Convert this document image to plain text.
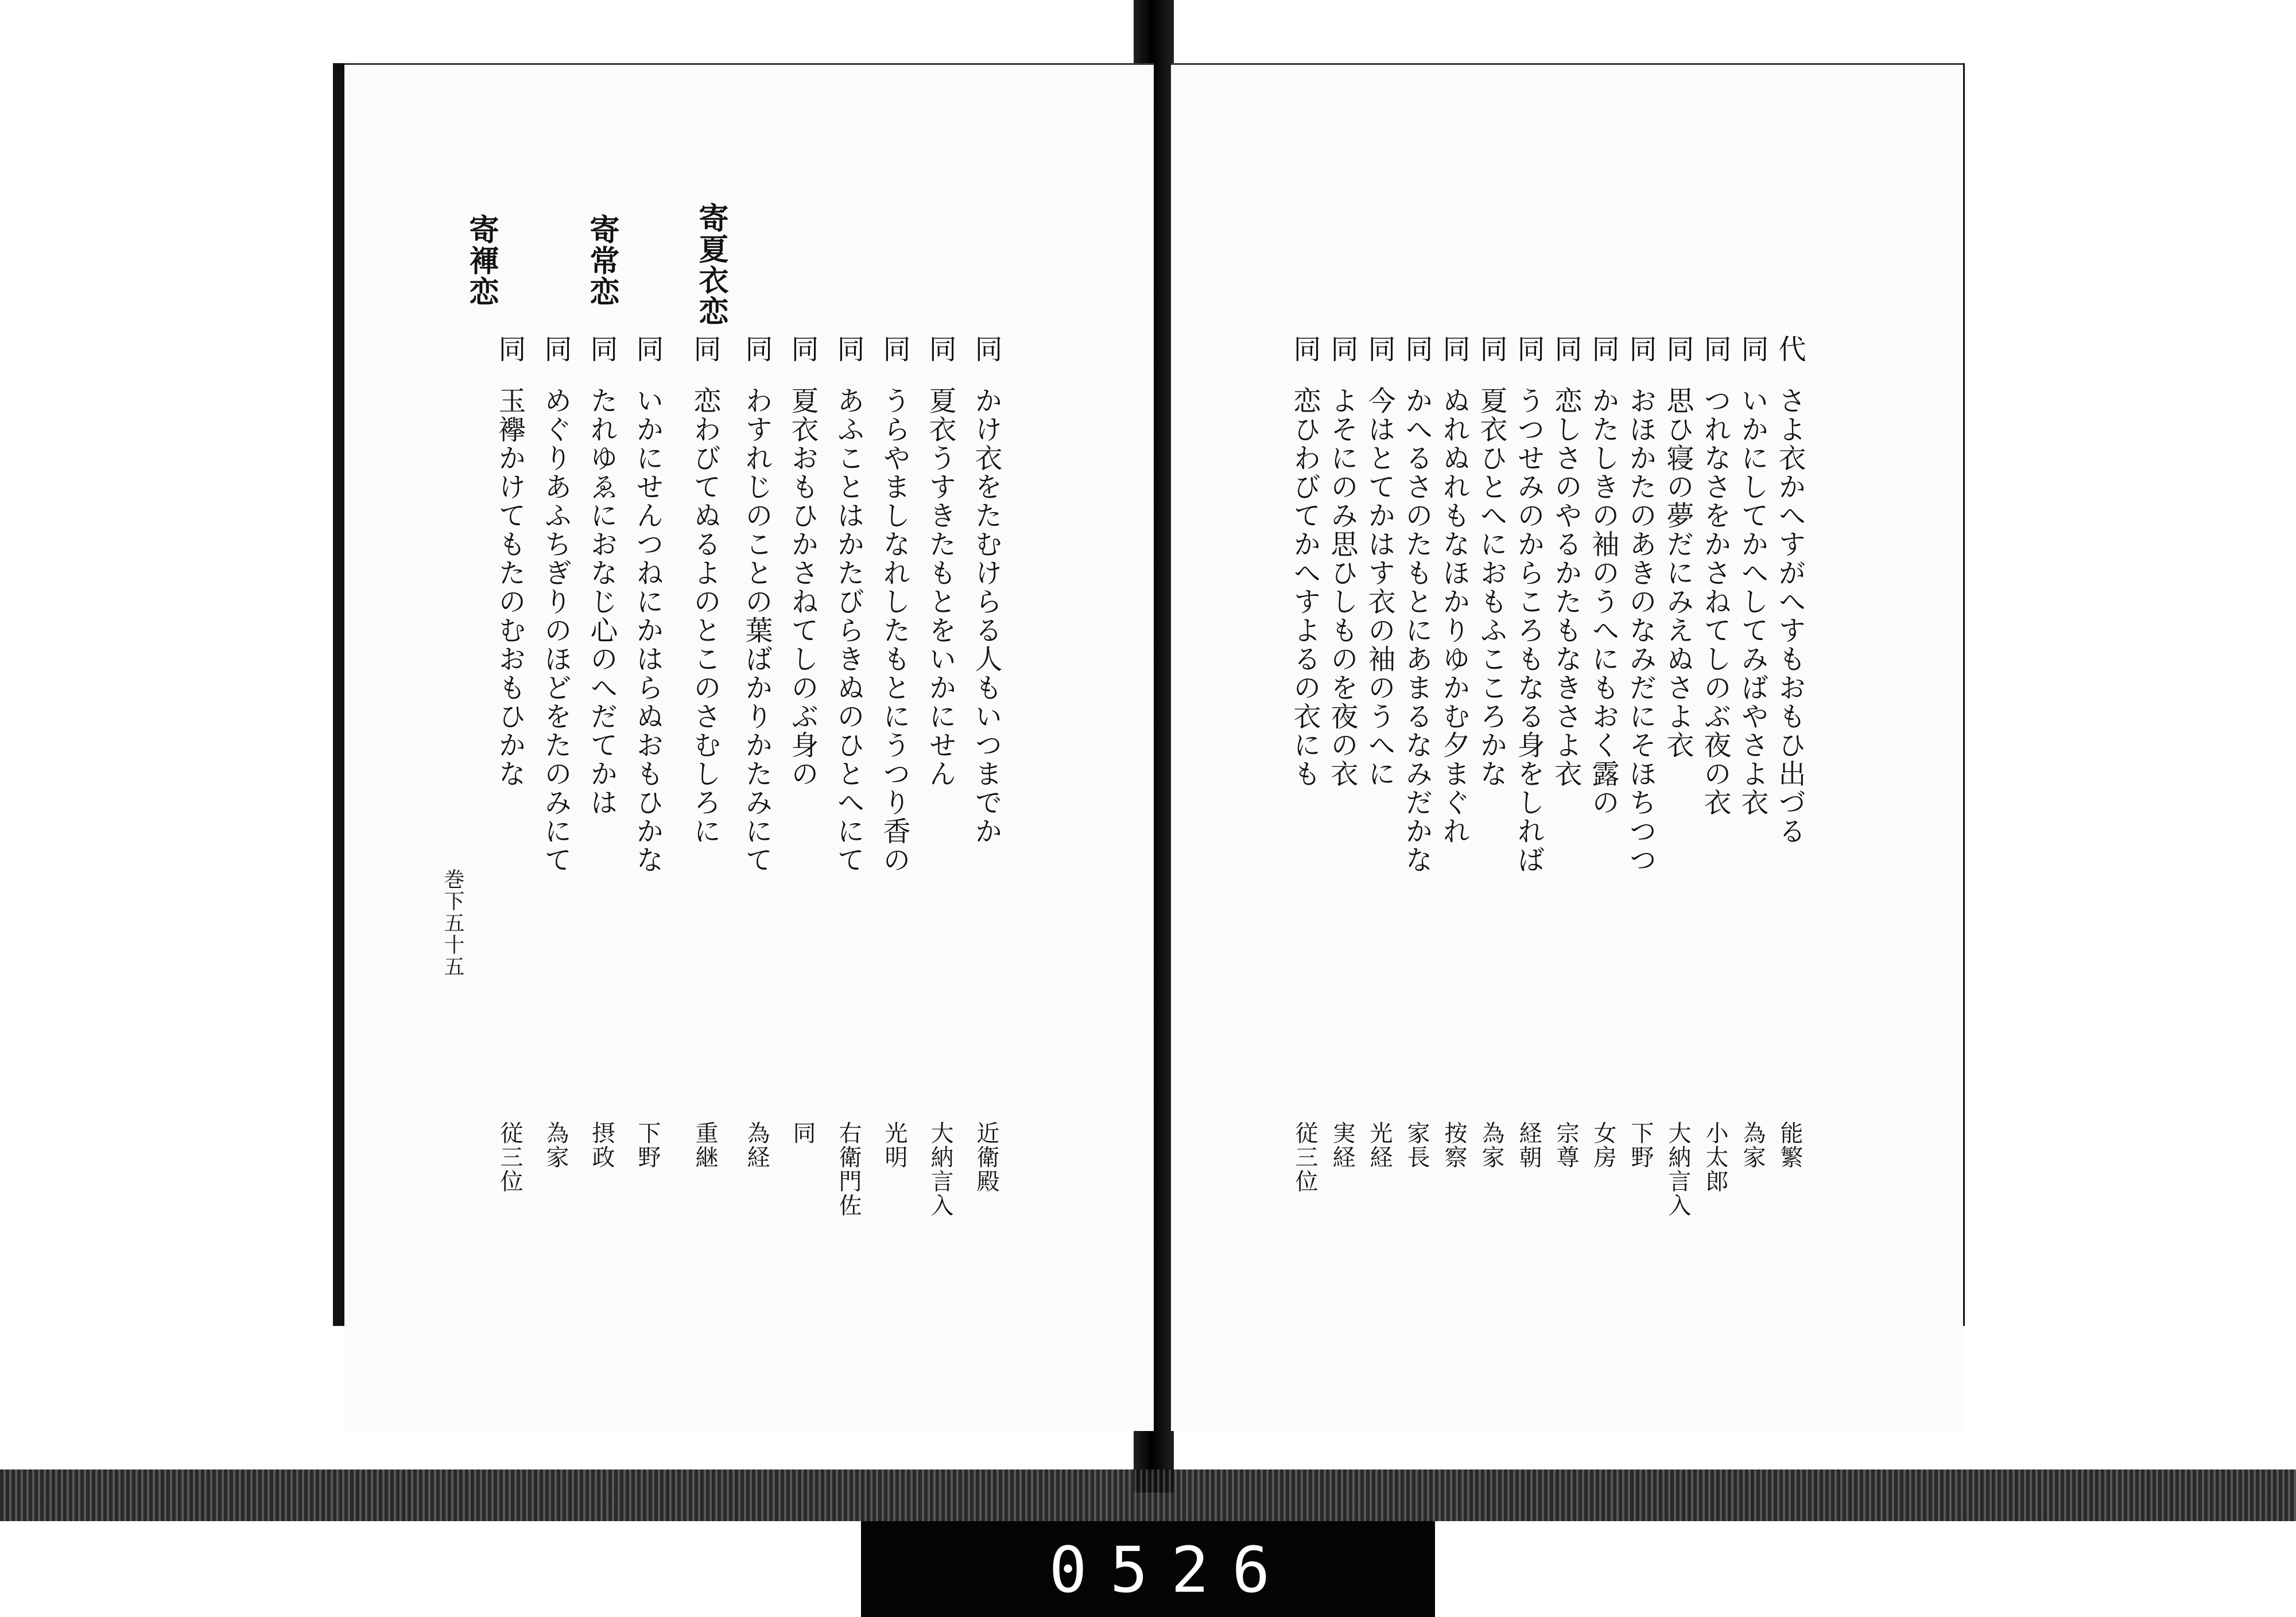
寄夏衣恋
寄常恋
寄褌恋
同
かけ衣をたむけらる人もいつまでか
近衛殿
同
夏衣うすきたもとをいかにせん
大納言入
同
うらやましなれしたもとにうつり香の
光明
同
あふことはかたびらきぬのひとへにて
右衛門佐
同
夏衣おもひかさねてしのぶ身の
同
同
わすれじのことの葉ばかりかたみにて
為経
同
恋わびてぬるよのとこのさむしろに
重継
同
いかにせんつねにかはらぬおもひかな
下野
同
たれゆゑにおなじ心のへだてかは
摂政
同
めぐりあふちぎりのほどをたのみにて
為家
同
玉襷かけてもたのむおもひかな
従三位
巻下五十五
代
さよ衣かへすがへすもおもひ出づる
能繁
同
いかにしてかへしてみばやさよ衣
為家
同
つれなさをかさねてしのぶ夜の衣
小太郎
同
思ひ寝の夢だにみえぬさよ衣
大納言入
同
おほかたのあきのなみだにそほちつつ
下野
同
かたしきの袖のうへにもおく露の
女房
同
恋しさのやるかたもなきさよ衣
宗尊
同
うつせみのからころもなる身をしれば
経朝
同
夏衣ひとへにおもふこころかな
為家
同
ぬれぬれもなほかりゆかむ夕まぐれ
按察
同
かへるさのたもとにあまるなみだかな
家長
同
今はとてかはす衣の袖のうへに
光経
同
よそにのみ思ひしものを夜の衣
実経
同
恋ひわびてかへすよるの衣にも
従三位
0526
